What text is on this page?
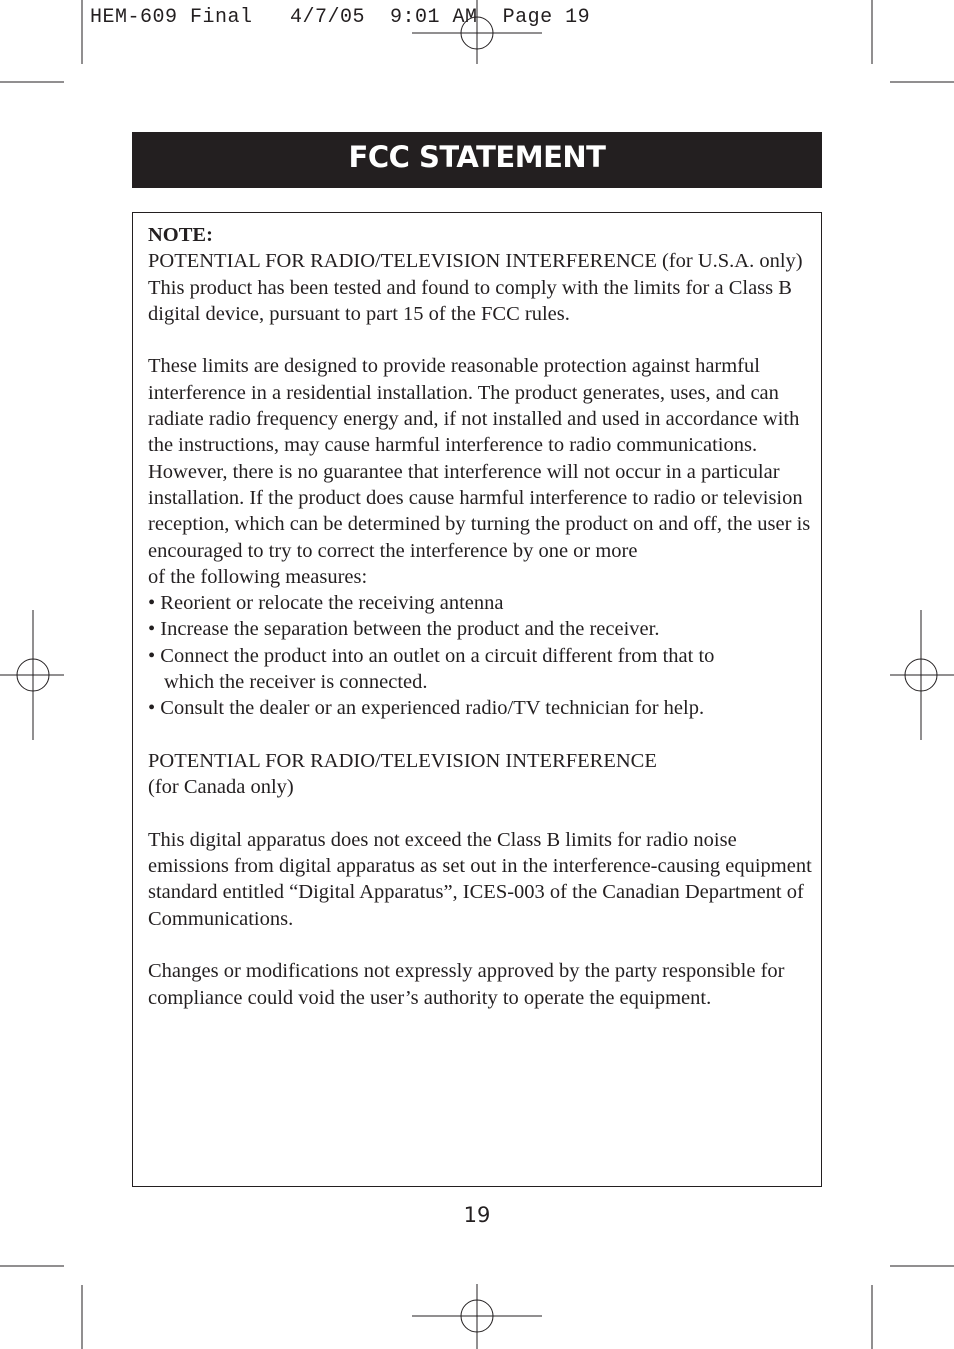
HEM-609 Final   4/7/05  9:01 AM  Page 19
FCC STATEMENT

NOTE:

POTENTIAL FOR RADIO/TELEVISION INTERFERENCE (for U.S.A. only) This product has been tested and found to comply with the limits for a Class B digital device, pursuant to part 15 of the FCC rules.

These limits are designed to provide reasonable protection against harmful interference in a residential installation. The product generates, uses, and can radiate radio frequency energy and, if not installed and used in accordance with the instructions, may cause harmful interference to radio communications. However, there is no guarantee that interference will not occur in a particular installation. If the product does cause harmful interference to radio or television reception, which can be determined by turning the product on and off, the user is encouraged to try to correct the interference by one or more

of the following measures:

• Reorient or relocate the receiving antenna

• Increase the separation between the product and the receiver.

• Connect the product into an outlet on a circuit different from that to

which the receiver is connected.

• Consult the dealer or an experienced radio/TV technician for help.

POTENTIAL FOR RADIO/TELEVISION INTERFERENCE

(for Canada only)

This digital apparatus does not exceed the Class B limits for radio noise emissions from digital apparatus as set out in the interference-causing equipment standard entitled “Digital Apparatus”, ICES-003 of the Canadian Department of Communications.

Changes or modifications not expressly approved by the party responsible for compliance could void the user’s authority to operate the equipment.

19
